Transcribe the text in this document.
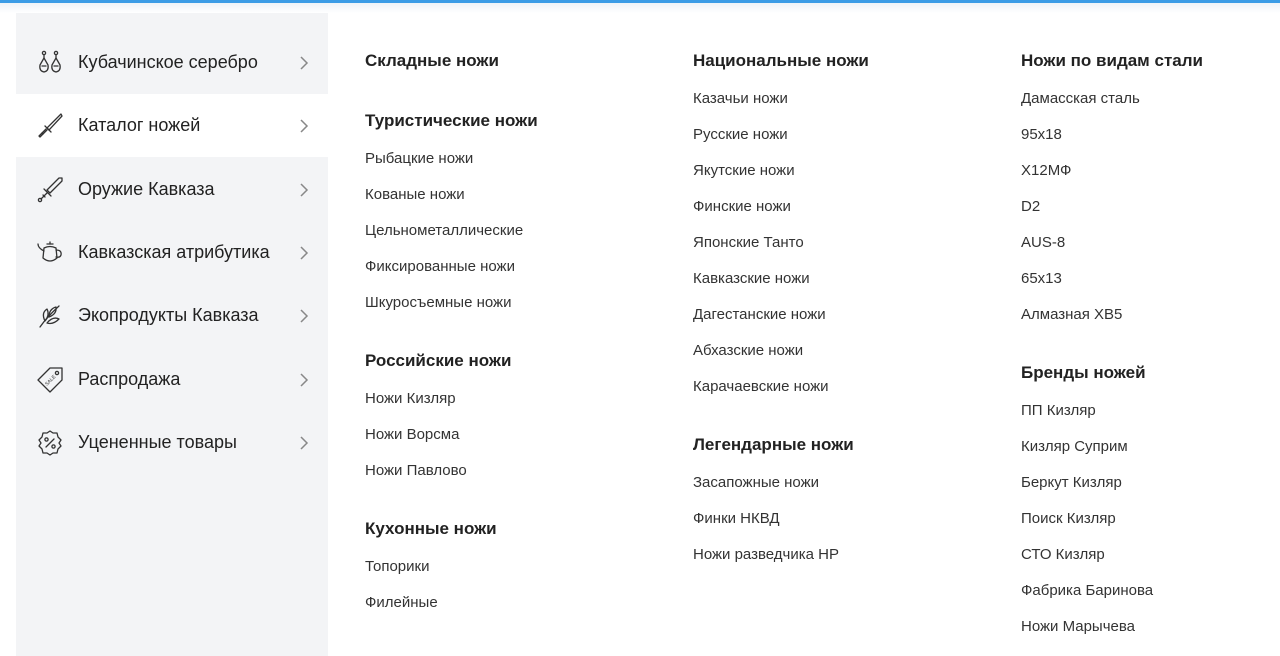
Кубачинское серебро
Каталог ножей
Оружие Кавказа
Кавказская атрибутика
Экопродукты Кавказа
SALE Распродажа
Уцененные товары
Складные ножи
Туристические ножи
Рыбацкие ножи
Кованые ножи
Цельнометаллические
Фиксированные ножи
Шкуросъемные ножи
Российские ножи
Ножи Кизляр
Ножи Ворсма
Ножи Павлово
Кухонные ножи
Топорики
Филейные
Национальные ножи
Казачьи ножи
Русские ножи
Якутские ножи
Финские ножи
Японские Танто
Кавказские ножи
Дагестанские ножи
Абхазские ножи
Карачаевские ножи
Легендарные ножи
Засапожные ножи
Финки НКВД
Ножи разведчика НР
Ножи по видам стали
Дамасская сталь
95х18
Х12МФ
D2
AUS-8
65х13
Алмазная ХВ5
Бренды ножей
ПП Кизляр
Кизляр Суприм
Беркут Кизляр
Поиск Кизляр
СТО Кизляр
Фабрика Баринова
Ножи Марычева
